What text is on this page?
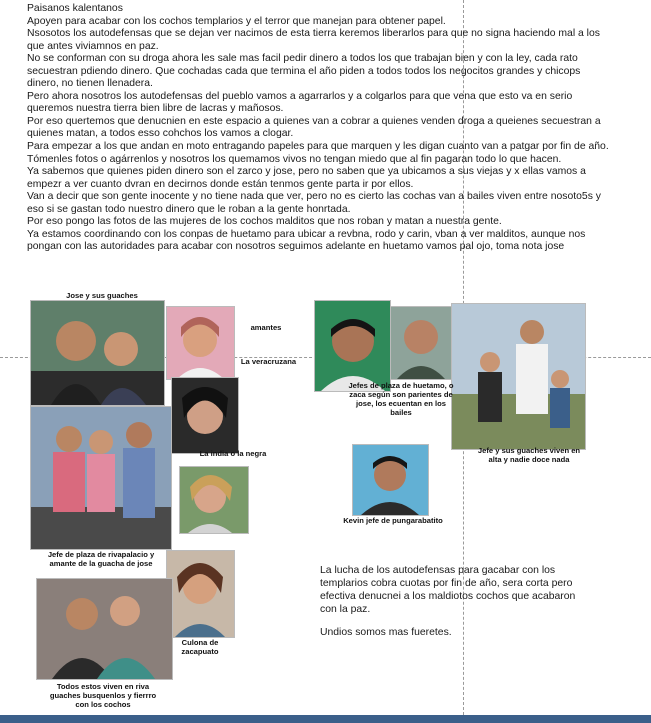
Paisanos kalentanos

Apoyen para acabar con los cochos templarios y el terror que manejan para obtener papel.

Nsosotos los autodefensas que se dejan ver nacimos de esta tierra keremos liberarlos para que no signa haciendo mal a los

que antes viviamnos en paz.

No se conforman con su droga ahora les sale mas facil pedir dinero a todos los que trabajan bien y con la ley, cada rato

secuestran pdiendo dinero. Que cochadas cada que termina el año piden a todos todos los negocitos grandes y chicops

dinero, no tienen llenadera.

Pero ahora nosotros los autodefensas del pueblo vamos a agarrarlos y a colgarlos para que vena que esto va en serio

queremos nuestra tierra bien libre de lacras y mañosos.

Por eso quertemos que denucnien en este espacio a quienes van a cobrar a quienes venden droga a queienes secuestran a

quienes matan, a todos esso cohchos los vamos a clogar.

Para empezar a los que andan en moto entragando papeles para que marquen y les digan cuanto van a patgar por fin de año.

Tómenles fotos o agárrenlos y nosotros los quemamos vivos no tengan miedo que al fin pagaran todo lo que hacen.

Ya sabemos que quienes piden dinero son el zarco y jose, pero no saben que ya ubicamos a sus viejas y x ellas vamos a

empezr a ver cuanto dvran en decirnos donde están tenmos gente parta ir por ellos.

Van a decir que son gente inocente y no tiene nada que ver, pero no es cierto las cochas van a bailes viven entre nosoto5s y

eso si se gastan todo nuestro dinero que le roban a la gente honrtada.

Por eso pongo las fotos de las mujeres de los cochos malditos que nos roban y matan a nuestra gente.

Ya estamos coordinando con los conpas de huetamo para ubicar a revbna, rodo y carin, vban a ver malditos, aunque nos

pongan con las autoridades para acabar con nosotros seguimos adelante en huetamo vamos pal ojo, toma nota jose

Jose y sus guaches
amantes
La veracruzana
La india o la negra
Jefes de plaza de huetamo, o zaca según son parientes de jose, los ecuentan en los bailes
Jefe y sus guaches viven en alta y nadie doce nada
Kevin jefe de pungarabatito
Jefe de plaza de rivapalacio y amante de la guacha de jose
Culona de zacapuato
Todos estos viven en riva guaches busquenlos y fierrro con los cochos

La lucha de los autodefensas para gacabar con los templarios cobra cuotas por fin de año, sera corta pero efectiva denucnei a los maldiotos cochos que acabaron con la paz.

Undios somos mas fueretes.
